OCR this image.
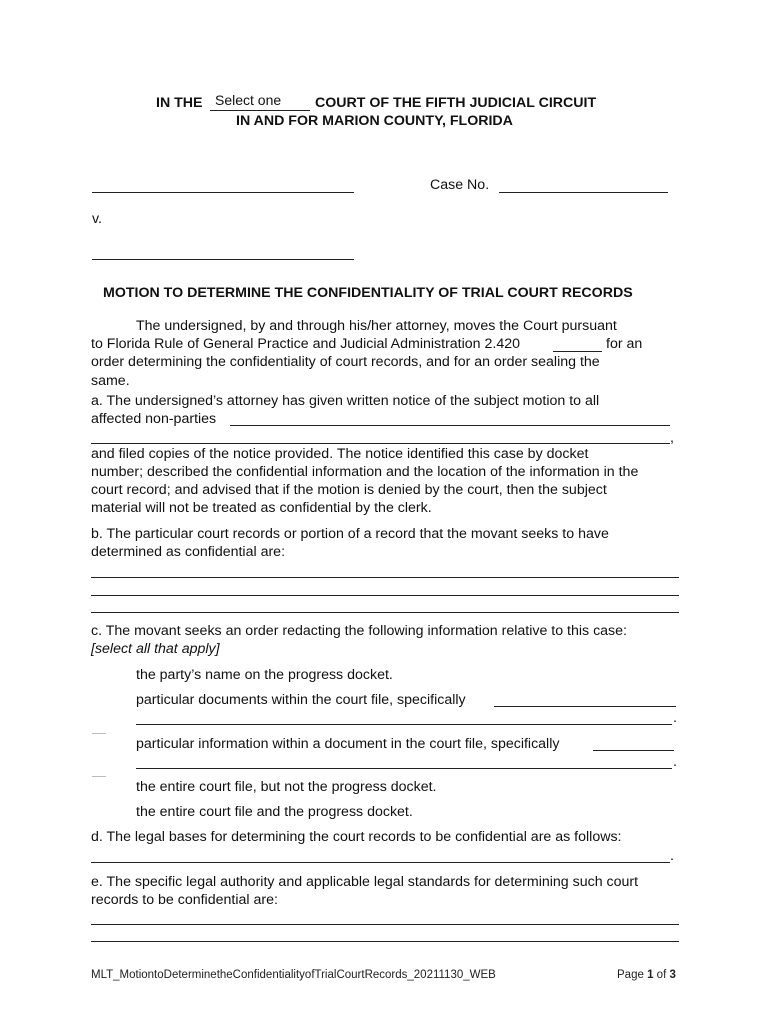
IN THE Select one COURT OF THE FIFTH JUDICIAL CIRCUIT
IN AND FOR MARION COUNTY, FLORIDA
Case No.
v.
MOTION TO DETERMINE THE CONFIDENTIALITY OF TRIAL COURT RECORDS
The undersigned, by and through his/her attorney, moves the Court pursuant
to Florida Rule of General Practice and Judicial Administration 2.420	for an
order determining the confidentiality of court records, and for an order sealing the
same.
a. The undersigned’s attorney has given written notice of the subject motion to all
affected non-parties
,
and filed copies of the notice provided. The notice identified this case by docket
number; described the confidential information and the location of the information in the
court record; and advised that if the motion is denied by the court, then the subject
material will not be treated as confidential by the clerk.
b. The particular court records or portion of a record that the movant seeks to have
determined as confidential are:
c. The movant seeks an order redacting the following information relative to this case:
[select all that apply]
the party’s name on the progress docket.
particular documents within the court file, specifically
.
particular information within a document in the court file, specifically
.
the entire court file, but not the progress docket.
the entire court file and the progress docket.
d. The legal bases for determining the court records to be confidential are as follows:
.
e. The specific legal authority and applicable legal standards for determining such court
records to be confidential are:
MLT_MotiontoDeterminetheConfidentialityofTrialCourtRecords_20211130_WEB	Page 1 of 3
